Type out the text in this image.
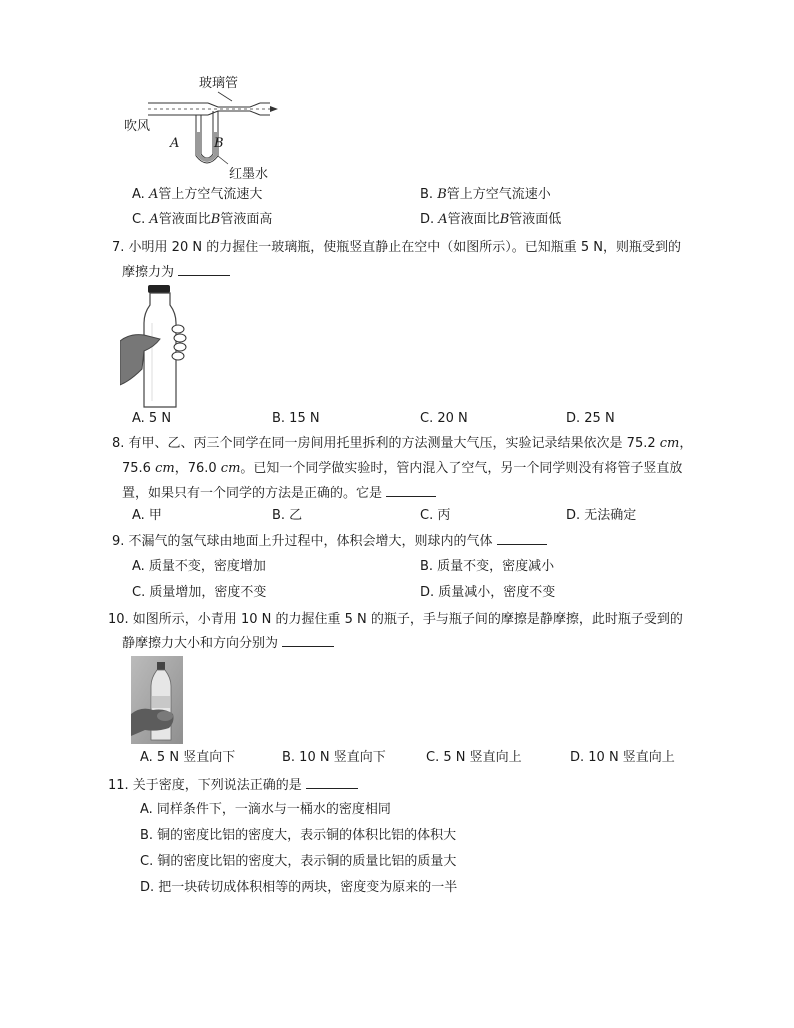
玻璃管
吹风
A	B
红墨水
A. A管上方空气流速大	B. B管上方空气流速小
C. A管液面比B管液面高	D. A管液面比B管液面低
7. 小明用 20 N 的力握住一玻璃瓶，使瓶竖直静止在空中（如图所示）。已知瓶重 5 N，则瓶受到的
摩擦力为
A. 5 N	B. 15 N	C. 20 N	D. 25 N
8. 有甲、乙、丙三个同学在同一房间用托里拆利的方法测量大气压，实验记录结果依次是 75.2 cm，
75.6 cm，76.0 cm。已知一个同学做实验时，管内混入了空气，另一个同学则没有将管子竖直放
置，如果只有一个同学的方法是正确的。它是
A. 甲	B. 乙	C. 丙	D. 无法确定
9. 不漏气的氢气球由地面上升过程中，体积会增大，则球内的气体
A. 质量不变，密度增加	B. 质量不变，密度减小
C. 质量增加，密度不变	D. 质量减小，密度不变
10. 如图所示，小青用 10 N 的力握住重 5 N 的瓶子，手与瓶子间的摩擦是静摩擦，此时瓶子受到的
静摩擦力大小和方向分别为
A. 5 N 竖直向下	B. 10 N 竖直向下	C. 5 N 竖直向上	D. 10 N 竖直向上
11. 关于密度，下列说法正确的是
A. 同样条件下，一滴水与一桶水的密度相同
B. 铜的密度比铝的密度大，表示铜的体积比铝的体积大
C. 铜的密度比铝的密度大，表示铜的质量比铝的质量大
D. 把一块砖切成体积相等的两块，密度变为原来的一半
